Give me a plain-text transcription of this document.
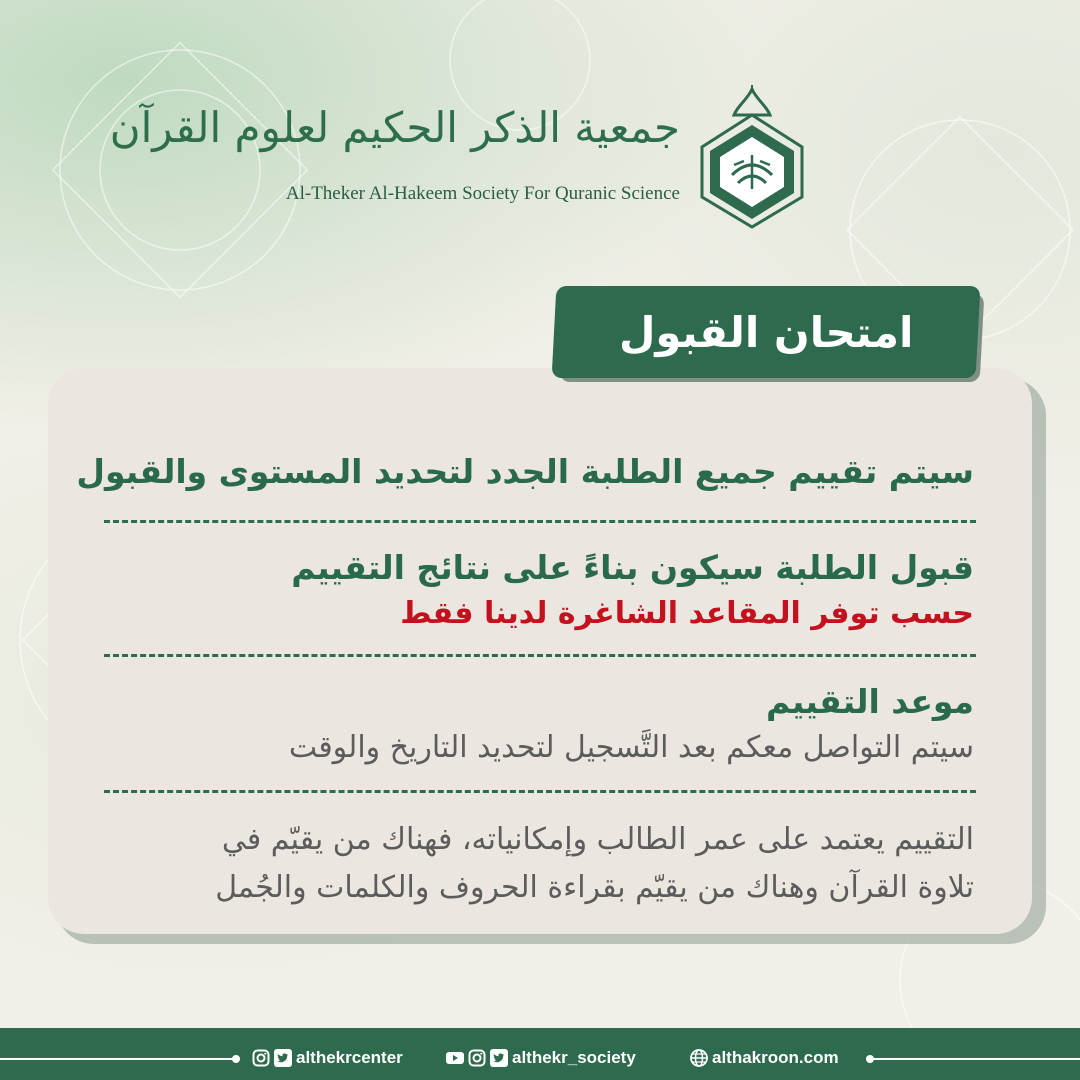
جمعية الذكر الحكيم لعلوم القرآن
Al-Theker Al-Hakeem Society For Quranic Science
امتحان القبول
سيتم تقييم جميع الطلبة الجدد لتحديد المستوى والقبول
قبول الطلبة سيكون بناءً على نتائج التقييم
حسب توفر المقاعد الشاغرة لدينا فقط
موعد التقييم
سيتم التواصل معكم بعد التَّسجيل لتحديد التاريخ والوقت
التقييم يعتمد على عمر الطالب وإمكانياته، فهناك من يقيّم في
تلاوة القرآن وهناك من يقيّم بقراءة الحروف والكلمات والجُمل
althekrcenter	althekr_society	althakroon.com
